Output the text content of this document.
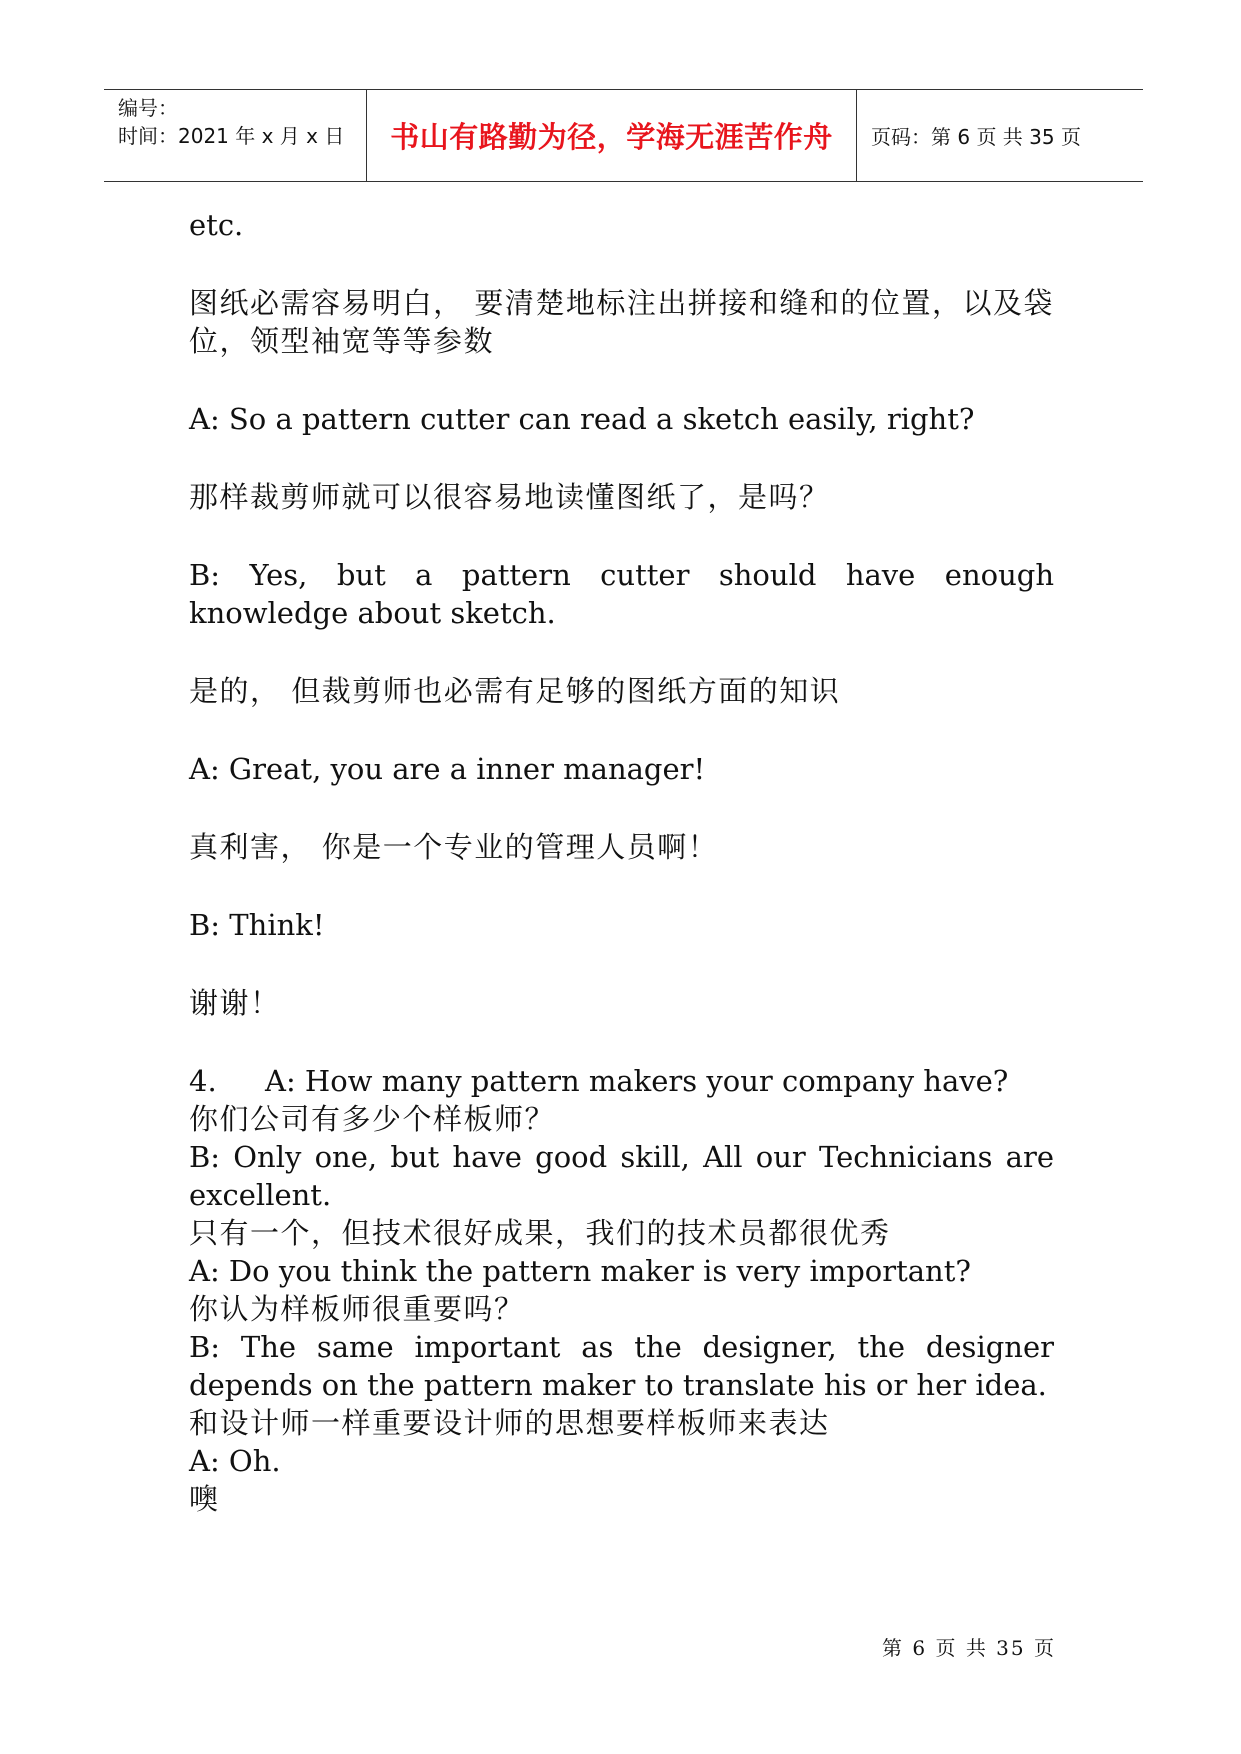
编号：
时间：2021 年 x 月 x 日	书山有路勤为径，学海无涯苦作舟	页码：第 6 页 共 35 页

etc.

图纸必需容易明白， 要清楚地标注出拼接和缝和的位置，以及袋位，领型袖宽等等参数

A: So a pattern cutter can read a sketch easily, right?

那样裁剪师就可以很容易地读懂图纸了，是吗？

B: Yes, but a pattern cutter should have enough knowledge about sketch.

是的， 但裁剪师也必需有足够的图纸方面的知识

A: Great, you are a inner manager!

真利害， 你是一个专业的管理人员啊！

B: Think!

谢谢！

4. A: How many pattern makers your company have?

你们公司有多少个样板师？

B: Only one, but have good skill, All our Technicians are excellent.

只有一个，但技术很好成果，我们的技术员都很优秀

A: Do you think the pattern maker is very important?

你认为样板师很重要吗？

B: The same important as the designer, the designer depends on the pattern maker to translate his or her idea.

和设计师一样重要设计师的思想要样板师来表达

A: Oh.

噢

第 6 页 共 35 页
